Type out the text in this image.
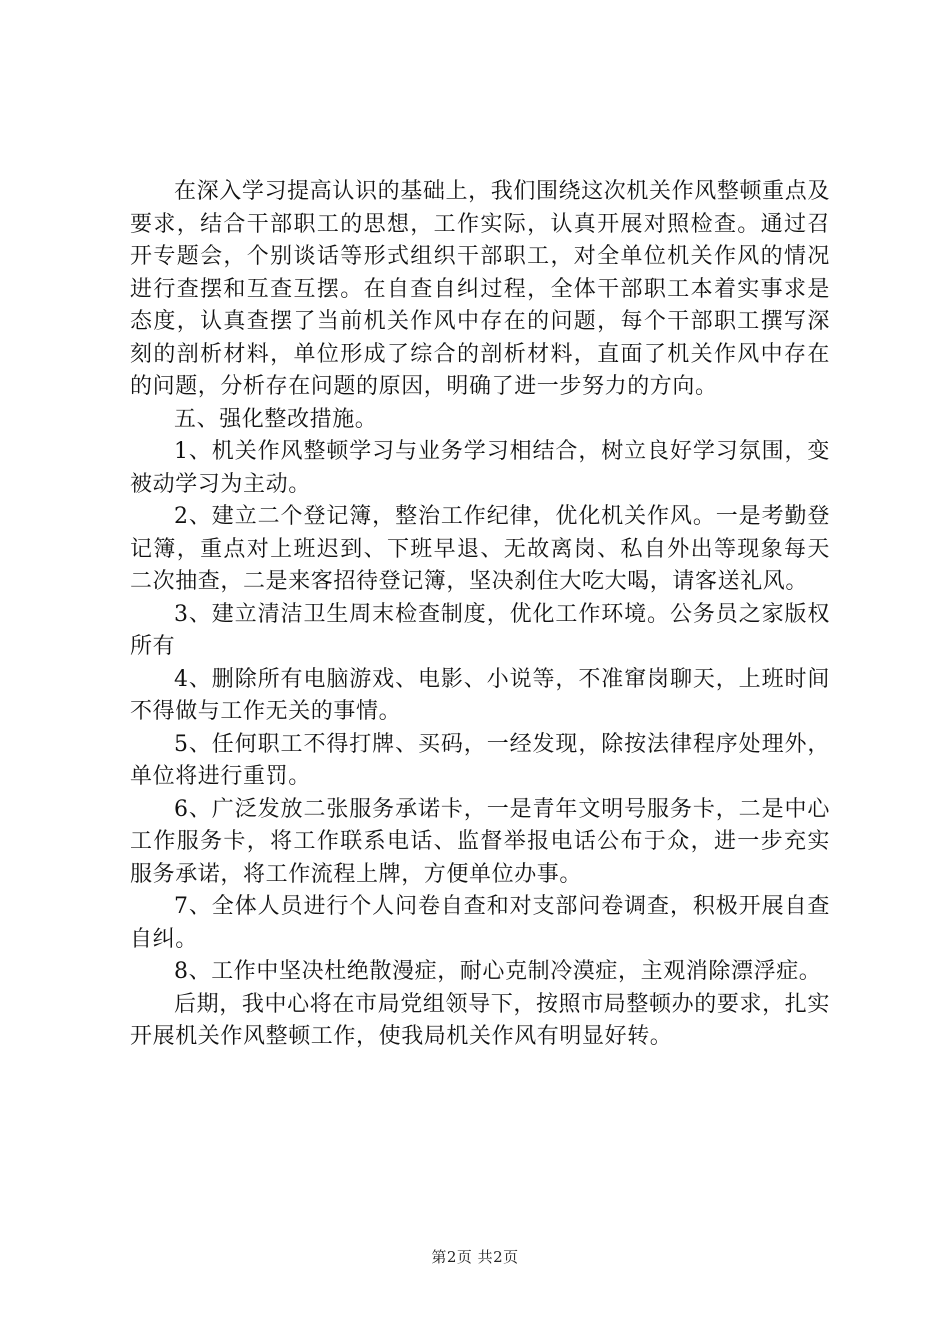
在深入学习提高认识的基础上，我们围绕这次机关作风整顿重点及要求，结合干部职工的思想，工作实际，认真开展对照检查。通过召开专题会，个别谈话等形式组织干部职工，对全单位机关作风的情况进行查摆和互查互摆。在自查自纠过程，全体干部职工本着实事求是态度，认真查摆了当前机关作风中存在的问题，每个干部职工撰写深刻的剖析材料，单位形成了综合的剖析材料，直面了机关作风中存在的问题，分析存在问题的原因，明确了进一步努力的方向。

五、强化整改措施。

1、机关作风整顿学习与业务学习相结合，树立良好学习氛围，变被动学习为主动。

2、建立二个登记簿，整治工作纪律，优化机关作风。一是考勤登记簿，重点对上班迟到、下班早退、无故离岗、私自外出等现象每天二次抽查，二是来客招待登记簿，坚决刹住大吃大喝，请客送礼风。

3、建立清洁卫生周末检查制度，优化工作环境。公务员之家版权所有

4、删除所有电脑游戏、电影、小说等，不准窜岗聊天，上班时间不得做与工作无关的事情。

5、任何职工不得打牌、买码，一经发现，除按法律程序处理外，单位将进行重罚。

6、广泛发放二张服务承诺卡，一是青年文明号服务卡，二是中心工作服务卡，将工作联系电话、监督举报电话公布于众，进一步充实服务承诺，将工作流程上牌，方便单位办事。

7、全体人员进行个人问卷自查和对支部问卷调查，积极开展自查自纠。

8、工作中坚决杜绝散漫症，耐心克制冷漠症，主观消除漂浮症。

后期，我中心将在市局党组领导下，按照市局整顿办的要求，扎实开展机关作风整顿工作，使我局机关作风有明显好转。

第2页 共2页
